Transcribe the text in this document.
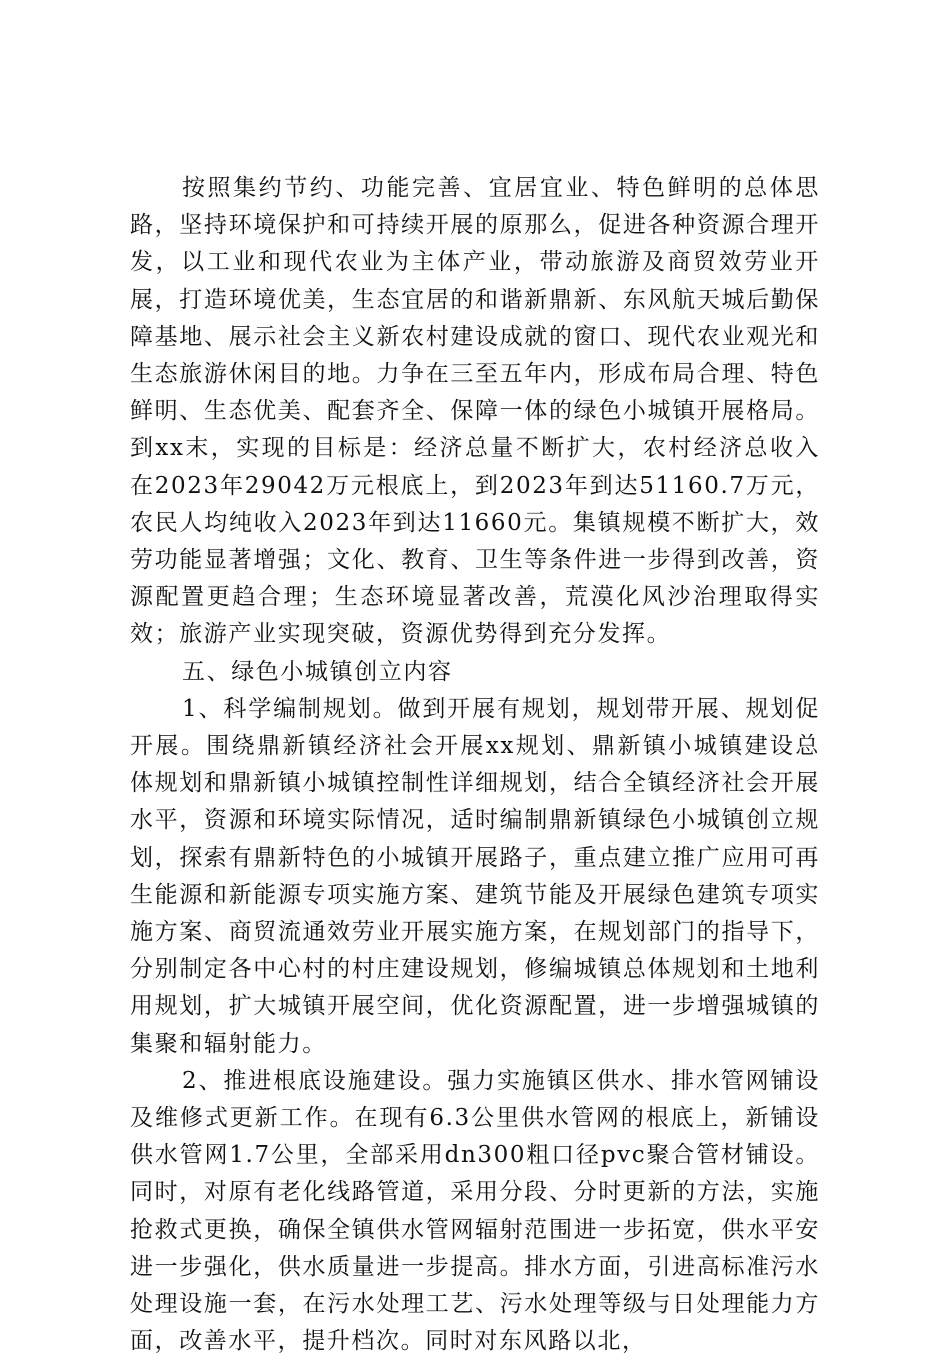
按照集约节约、功能完善、宜居宜业、特色鲜明的总体思路，坚持环境保护和可持续开展的原那么，促进各种资源合理开发，以工业和现代农业为主体产业，带动旅游及商贸效劳业开展，打造环境优美，生态宜居的和谐新鼎新、东风航天城后勤保障基地、展示社会主义新农村建设成就的窗口、现代农业观光和生态旅游休闲目的地。力争在三至五年内，形成布局合理、特色鲜明、生态优美、配套齐全、保障一体的绿色小城镇开展格局。到xx末，实现的目标是：经济总量不断扩大，农村经济总收入在2023年29042万元根底上，到2023年到达51160.7万元，农民人均纯收入2023年到达11660元。集镇规模不断扩大，效劳功能显著增强；文化、教育、卫生等条件进一步得到改善，资源配置更趋合理；生态环境显著改善，荒漠化风沙治理取得实效；旅游产业实现突破，资源优势得到充分发挥。

五、绿色小城镇创立内容

1、科学编制规划。做到开展有规划，规划带开展、规划促开展。围绕鼎新镇经济社会开展xx规划、鼎新镇小城镇建设总体规划和鼎新镇小城镇控制性详细规划，结合全镇经济社会开展水平，资源和环境实际情况，适时编制鼎新镇绿色小城镇创立规划，探索有鼎新特色的小城镇开展路子，重点建立推广应用可再生能源和新能源专项实施方案、建筑节能及开展绿色建筑专项实施方案、商贸流通效劳业开展实施方案，在规划部门的指导下，分别制定各中心村的村庄建设规划，修编城镇总体规划和土地利用规划，扩大城镇开展空间，优化资源配置，进一步增强城镇的集聚和辐射能力。

2、推进根底设施建设。强力实施镇区供水、排水管网铺设及维修式更新工作。在现有6.3公里供水管网的根底上，新铺设供水管网1.7公里，全部采用dn300粗口径pvc聚合管材铺设。同时，对原有老化线路管道，采用分段、分时更新的方法，实施抢救式更换，确保全镇供水管网辐射范围进一步拓宽，供水平安进一步强化，供水质量进一步提高。排水方面，引进高标准污水处理设施一套，在污水处理工艺、污水处理等级与日处理能力方面，改善水平，提升档次。同时对东风路以北，
